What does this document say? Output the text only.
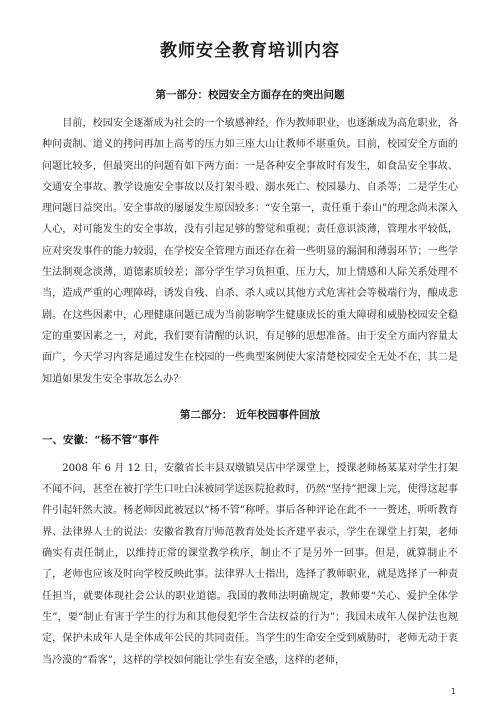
教师安全教育培训内容
第一部分：校园安全方面存在的突出问题

目前，校园安全逐渐成为社会的一个敏感神经，作为教师职业，也逐渐成为高危职业，各种问责制、道义的拷问再加上高考的压力如三座大山让教师不堪重负。目前，校园安全方面的问题比较多，但最突出的问题有如下两方面：一是各种安全事故时有发生，如食品安全事故、交通安全事故、教学设施安全事故以及打架斗殴、溺水死亡、校园暴力、自杀等；二是学生心理问题日益突出。安全事故的屡屡发生原因较多：“安全第一，责任重于泰山”的理念尚未深入人心，对可能发生的安全事故，没有引起足够的警觉和重视；责任意识淡薄，管理水平较低，应对突发事件的能力较弱，在学校安全管理方面还存在着一些明显的漏洞和薄弱环节；一些学生法制观念淡薄，道德素质较差；部分学生学习负担重、压力大，加上情感和人际关系处理不当，造成严重的心理障碍，诱发自残、自杀、杀人或以其他方式危害社会等极端行为，酿成悲剧。在这些因素中，心理健康问题已成为当前影响学生健康成长的重大障碍和威胁校园安全稳定的重要因素之一，对此，我们要有清醒的认识，有足够的思想准备。由于安全方面内容量太面广，今天学习内容是通过发生在校园的一些典型案例使大家清楚校园安全无处不在，其二是知道如果发生安全事故怎么办？

第二部分： 近年校园事件回放
一、安徽：“杨不管”事件

2008 年 6 月 12 日，安徽省长丰县双墩镇吴店中学课堂上，授课老师杨某某对学生打架不闻不问，甚至在被打学生口吐白沫被同学送医院抢救时，仍然“坚持”把课上完，使得这起事件引起轩然大波。杨老师因此被冠以“杨不管”称呼。事后各种评论在此不一一赘述，听听教育界、法律界人士的说法：安徽省教育厅师范教育处处长齐建平表示，学生在课堂上打架，老师确实有责任制止，以维持正常的课堂教学秩序，制止不了是另外一回事。但是，就算制止不了，老师也应该及时向学校反映此事。法律界人士指出，选择了教师职业，就是选择了一种责任担当，就要体现社会公认的职业道德。我国的教师法明确规定，教师要“关心、爱护全体学生”，要“制止有害于学生的行为和其他侵犯学生合法权益的行为”；我国未成年人保护法也规定，保护未成年人是全体成年公民的共同责任。当学生的生命安全受到威胁时，老师无动于衷当冷漠的“看客”，这样的学校如何能让学生有安全感，这样的老师，

1
